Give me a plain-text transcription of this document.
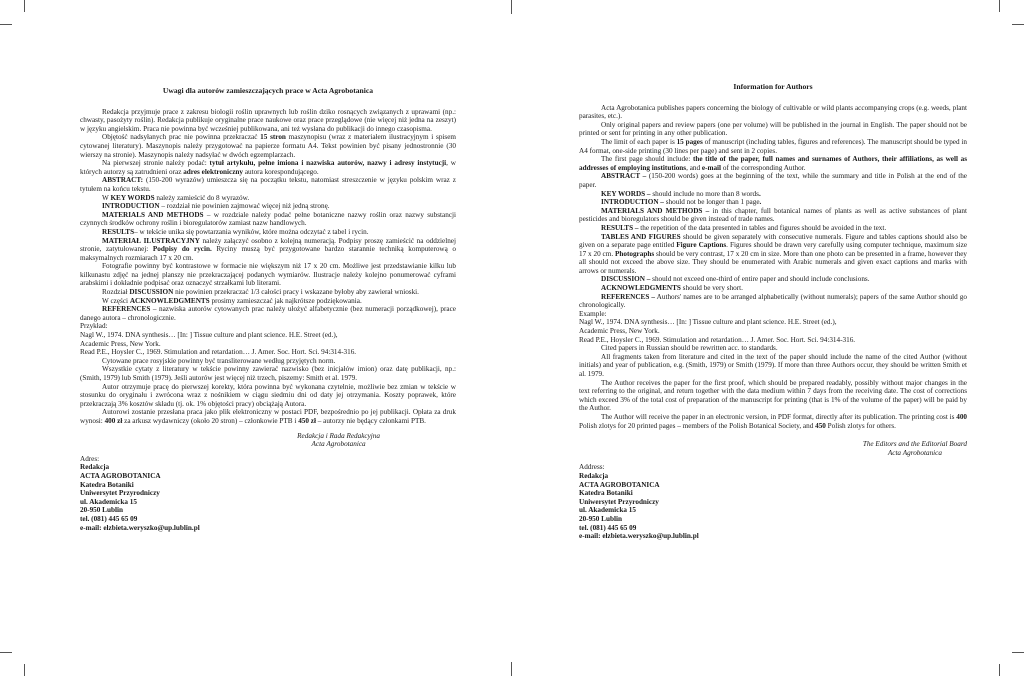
Uwagi dla autorów zamieszczających prace w Acta Agrobotanica

Redakcja przyjmuje prace z zakresu biologii roślin uprawnych lub roślin dziko rosnących związanych z uprawami (np.: chwasty, pasożyty roślin). Redakcja publikuje oryginalne prace naukowe oraz prace przeglądowe (nie więcej niż jedna na zeszyt) w języku angielskim. Praca nie powinna być wcześniej publikowana, ani też wysłana do publikacji do innego czasopisma.

Objętość nadsyłanych prac nie powinna przekraczać 15 stron maszynopisu (wraz z materiałem ilustracyjnym i spisem cytowanej literatury). Maszynopis należy przygotować na papierze formatu A4. Tekst powinien być pisany jednostronnie (30 wierszy na stronie). Maszynopis należy nadsyłać w dwóch egzemplarzach.

Na pierwszej stronie należy podać: tytuł artykułu, pełne imiona i nazwiska autorów, nazwy i adresy instytucji, w których autorzy są zatrudnieni oraz adres elektroniczny autora korespondującego.

ABSTRACT: (150-200 wyrazów) umieszcza się na początku tekstu, natomiast streszczenie w języku polskim wraz z tytułem na końcu tekstu.

W KEY WORDS należy zamieścić do 8 wyrazów.

INTRODUCTION – rozdział nie powinien zajmować więcej niż jedną stronę.

MATERIALS AND METHODS – w rozdziale należy podać pełne botaniczne nazwy roślin oraz nazwy substancji czynnych środków ochrony roślin i bioregulatorów zamiast nazw handlowych.

RESULTS– w tekście unika się powtarzania wyników, które można odczytać z tabel i rycin.

MATERIAŁ ILUSTRACYJNY należy załączyć osobno z kolejną numeracją. Podpisy proszę zamieścić na oddzielnej stronie, zatytułowanej: Podpisy do rycin. Ryciny muszą być przygotowane bardzo starannie techniką komputerową o maksymalnych rozmiarach 17 x 20 cm.

Fotografie powinny być kontrastowe w formacie nie większym niż 17 x 20 cm. Możliwe jest przedstawianie kilku lub kilkunastu zdjęć na jednej planszy nie przekraczającej podanych wymiarów. Ilustracje należy kolejno ponumerować cyframi arabskimi i dokładnie podpisać oraz oznaczyć strzałkami lub literami.

Rozdział DISCUSSION nie powinien przekraczać 1/3 całości pracy i wskazane byłoby aby zawierał wnioski.

W części ACKNOWLEDGMENTS prosimy zamieszczać jak najkrótsze podziękowania.

REFERENCES – nazwiska autorów cytowanych prac należy ułożyć alfabetycznie (bez numeracji porządkowej), prace danego autora – chronologicznie.

Przykład:

Nagl W., 1974. DNA synthesis… [In: ] Tissue culture and plant science. H.E. Street (ed.),

Academic Press, New York.

Read P.E., Hoysler C., 1969. Stimulation and retardation… J. Amer. Soc. Hort. Sci. 94:314-316.

Cytowane prace rosyjskie powinny być transliterowane według przyjętych norm.

Wszystkie cytaty z literatury w tekście powinny zawierać nazwisko (bez inicjałów imion) oraz datę publikacji, np.: (Smith, 1979) lub Smith (1979). Jeśli autorów jest więcej niż trzech, piszemy: Smith et al. 1979.

Autor otrzymuje pracę do pierwszej korekty, która powinna być wykonana czytelnie, możliwie bez zmian w tekście w stosunku do oryginału i zwrócona wraz z nośnikiem w ciągu siedmiu dni od daty jej otrzymania. Koszty poprawek, które przekraczają 3% kosztów składu (tj. ok. 1% objętości pracy) obciążają Autora.

Autorowi zostanie przesłana praca jako plik elektroniczny w postaci PDF, bezpośrednio po jej publikacji. Opłata za druk wynosi: 400 zł za arkusz wydawniczy (około 20 stron) – członkowie PTB i 450 zł – autorzy nie będący członkami PTB.

Redakcja i Rada Redakcyjna
Acta Agrobotanica
Adres:
Redakcja
ACTA AGROBOTANICA
Katedra Botaniki
Uniwersytet Przyrodniczy
ul. Akademicka 15
20-950 Lublin
tel. (081) 445 65 09
e-mail: elzbieta.weryszko@up.lublin.pl
Information for Authors

Acta Agrobotanica publishes papers concerning the biology of cultivable or wild plants accompanying crops (e.g. weeds, plant parasites, etc.).

Only original papers and review papers (one per volume) will be published in the journal in English. The paper should not be printed or sent for printing in any other publication.

The limit of each paper is 15 pages of manuscript (including tables, figures and references). The manuscript should be typed in A4 format, one-side printing (30 lines per page) and sent in 2 copies.

The first page should include: the title of the paper, full names and surnames of Authors, their affiliations, as well as addresses of employing institutions, and e-mail of the corresponding Author.

ABSTRACT – (150-200 words) goes at the beginning of the text, while the summary and title in Polish at the end of the paper.

KEY WORDS – should include no more than 8 words.

INTRODUCTION – should not be longer than 1 page.

MATERIALS AND METHODS – in this chapter, full botanical names of plants as well as active substances of plant pesticides and bioregulators should be given instead of trade names.

RESULTS – the repetition of the data presented in tables and figures should be avoided in the text.

TABLES AND FIGURES should be given separately with consecutive numerals. Figure and tables captions should also be given on a separate page entitled Figure Captions. Figures should be drawn very carefully using computer technique, maximum size 17 x 20 cm. Photographs should be very contrast, 17 x 20 cm in size. More than one photo can be presented in a frame, however they all should not exceed the above size. They should be enumerated with Arabic numerals and given exact captions and marks with arrows or numerals.

DISCUSSION – should not exceed one-third of entire paper and should include conclusions.

ACKNOWLEDGMENTS should be very short.

REFERENCES – Authors' names are to be arranged alphabetically (without numerals); papers of the same Author should go chronologically.

Example:

Nagl W., 1974. DNA synthesis… [In: ] Tissue culture and plant science. H.E. Street (ed.),

Academic Press, New York.

Read P.E., Hoysler C., 1969. Stimulation and retardation… J. Amer. Soc. Hort. Sci. 94:314-316.

Cited papers in Russian should be rewritten acc. to standards.

All fragments taken from literature and cited in the text of the paper should include the name of the cited Author (without initials) and year of publication, e.g. (Smith, 1979) or Smith (1979). If more than three Authors occur, they should be written Smith et al. 1979.

The Author receives the paper for the first proof, which should be prepared readably, possibly without major changes in the text referring to the original, and return together with the data medium within 7 days from the receiving date. The cost of corrections which exceed 3% of the total cost of preparation of the manuscript for printing (that is 1% of the volume of the paper) will be paid by the Author.

The Author will receive the paper in an electronic version, in PDF format, directly after its publication. The printing cost is 400 Polish zlotys for 20 printed pages – members of the Polish Botanical Society, and 450 Polish zlotys for others.

The Editors and the Editorial Board
Acta Agrobotanica
Address:
Redakcja
ACTA AGROBOTANICA
Katedra Botaniki
Uniwersytet Przyrodniczy
ul. Akademicka 15
20-950 Lublin
tel. (081) 445 65 09
e-mail: elzbieta.weryszko@up.lublin.pl
